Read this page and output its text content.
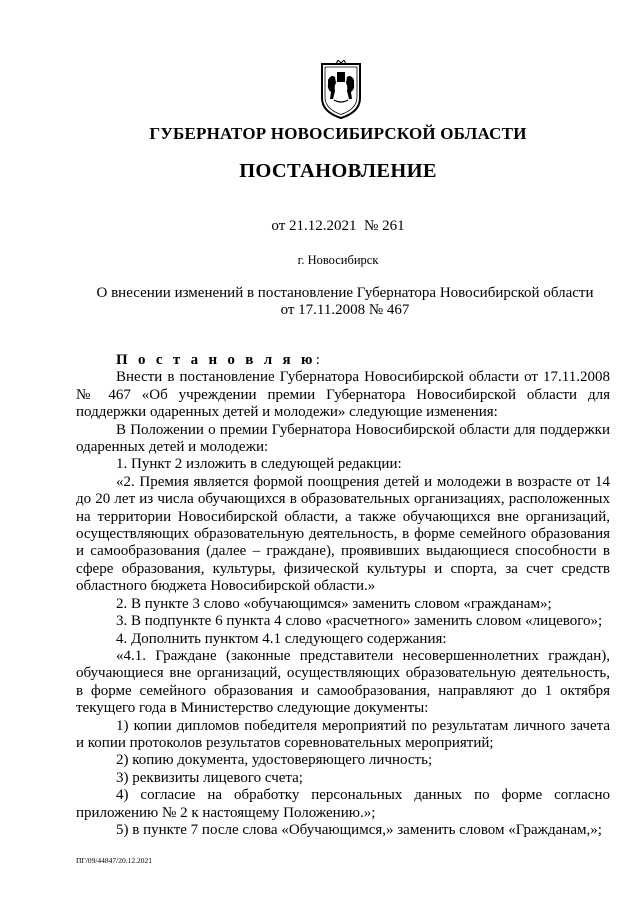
ГУБЕРНАТОР НОВОСИБИРСКОЙ ОБЛАСТИ
ПОСТАНОВЛЕНИЕ
от 21.12.2021 № 261
г. Новосибирск
О внесении изменений в постановление Губернатора Новосибирской области
от 17.11.2008 № 467

П о с т а н о в л я ю:

Внести в постановление Губернатора Новосибирской области от 17.11.2008 № 467 «Об учреждении премии Губернатора Новосибирской области для поддержки одаренных детей и молодежи» следующие изменения:

В Положении о премии Губернатора Новосибирской области для поддержки одаренных детей и молодежи:

1. Пункт 2 изложить в следующей редакции:

«2. Премия является формой поощрения детей и молодежи в возрасте от 14 до 20 лет из числа обучающихся в образовательных организациях, расположенных на территории Новосибирской области, а также обучающихся вне организаций, осуществляющих образовательную деятельность, в форме семейного образования и самообразования (далее – граждане), проявивших выдающиеся способности в сфере образования, культуры, физической культуры и спорта, за счет средств областного бюджета Новосибирской области.»

2. В пункте 3 слово «обучающимся» заменить словом «гражданам»;

3. В подпункте 6 пункта 4 слово «расчетного» заменить словом «лицевого»;

4. Дополнить пунктом 4.1 следующего содержания:

«4.1. Граждане (законные представители несовершеннолетних граждан), обучающиеся вне организаций, осуществляющих образовательную деятельность, в форме семейного образования и самообразования, направляют до 1 октября текущего года в Министерство следующие документы:

1) копии дипломов победителя мероприятий по результатам личного зачета и копии протоколов результатов соревновательных мероприятий;

2) копию документа, удостоверяющего личность;

3) реквизиты лицевого счета;

4) согласие на обработку персональных данных по форме согласно приложению № 2 к настоящему Положению.»;

5) в пункте 7 после слова «Обучающимся,» заменить словом «Гражданам,»;

ПГ/09/44847/20.12.2021
